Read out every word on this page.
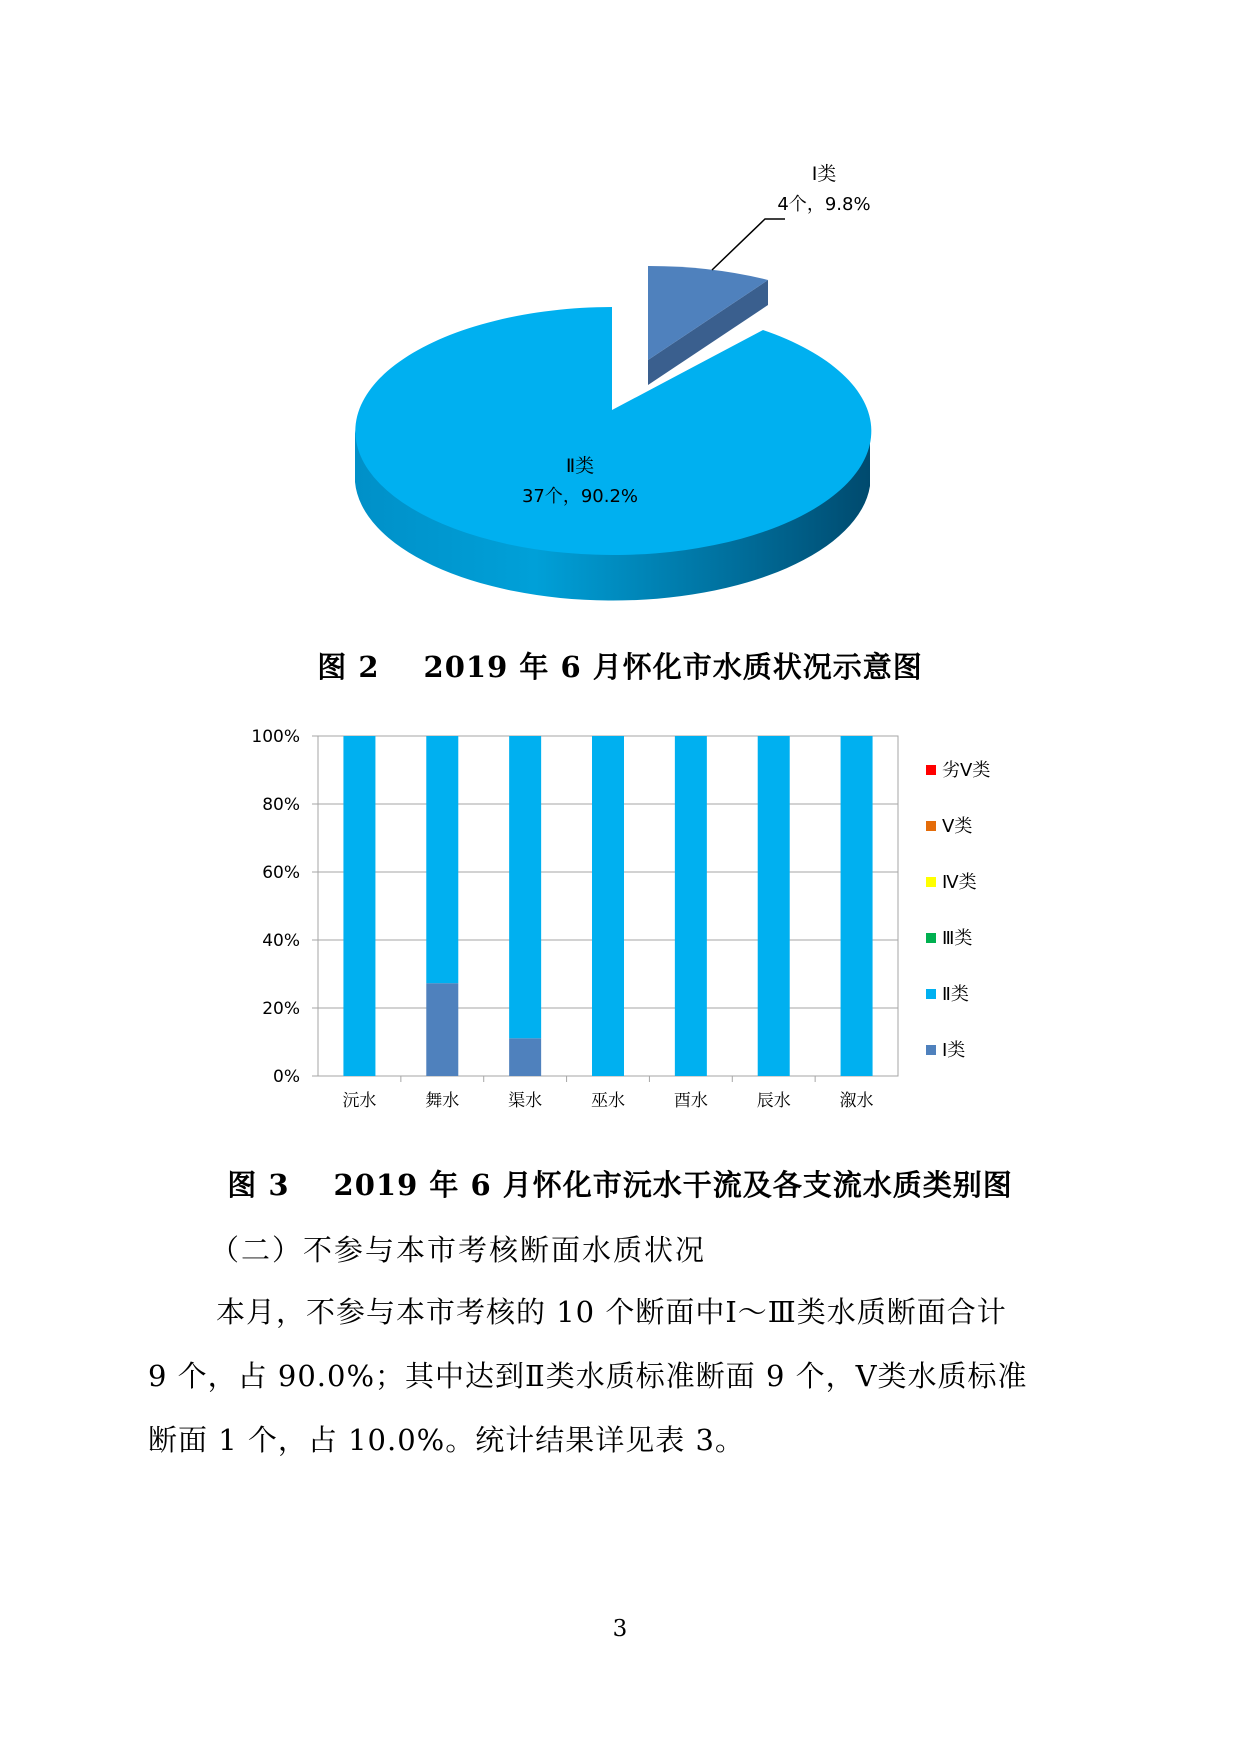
Ⅰ类
4个，9.8%
Ⅱ类
37个，90.2%
图 2 2019 年 6 月怀化市水质状况示意图
0%
20%
40%
60%
80%
100%
沅水	舞水	渠水	巫水	酉水	辰水	溆水
劣Ⅴ类
Ⅴ类
Ⅳ类
Ⅲ类
Ⅱ类
Ⅰ类
图 3 2019 年 6 月怀化市沅水干流及各支流水质类别图
（二）不参与本市考核断面水质状况
本月，不参与本市考核的 10 个断面中Ⅰ～Ⅲ类水质断面合计
9 个，占 90.0%；其中达到Ⅱ类水质标准断面 9 个，Ⅴ类水质标准
断面 1 个，占 10.0%。统计结果详见表 3。
3
